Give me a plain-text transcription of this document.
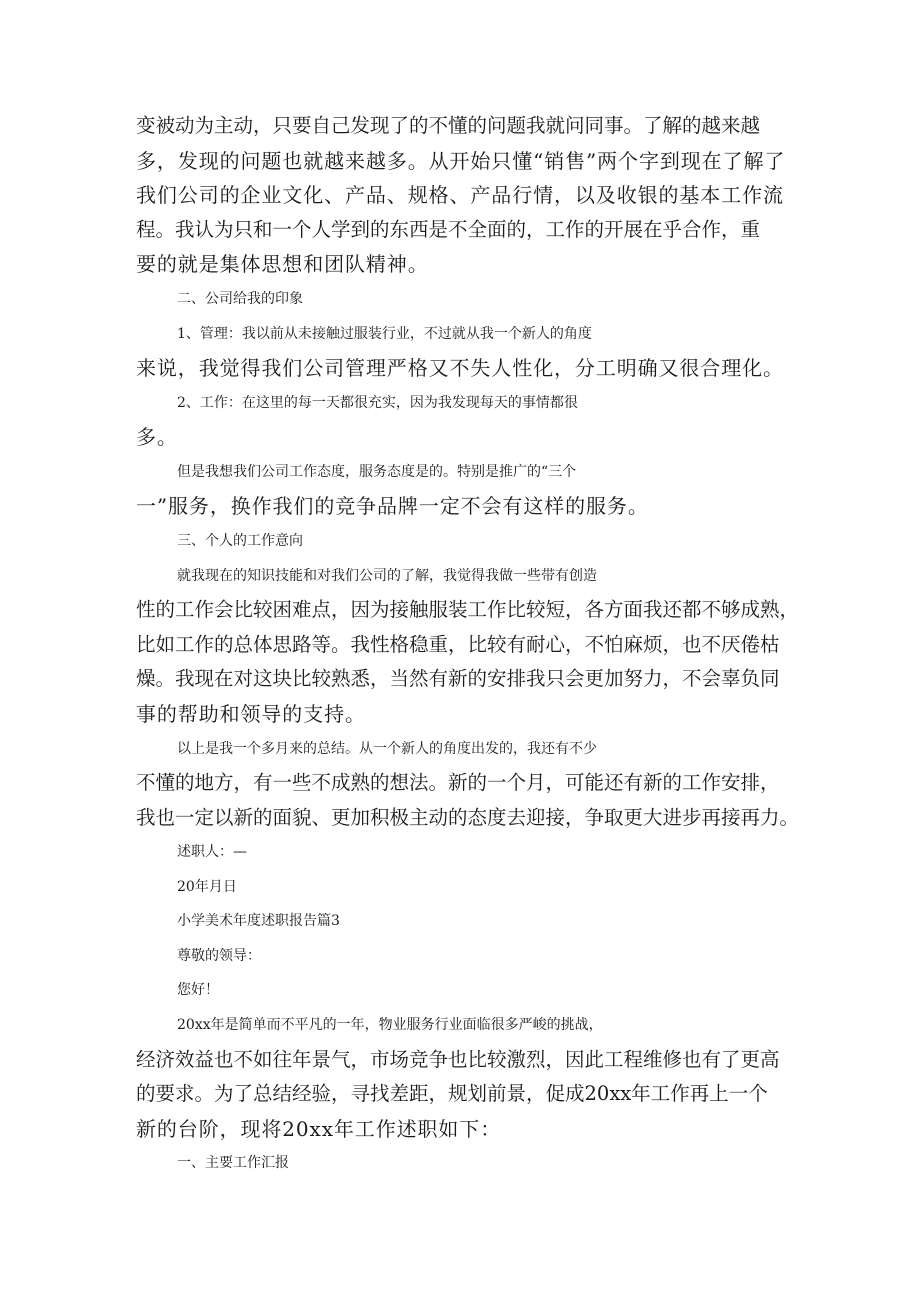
变被动为主动，只要自己发现了的不懂的问题我就问同事。了解的越来越

多，发现的问题也就越来越多。从开始只懂“销售”两个字到现在了解了

我们公司的企业文化、产品、规格、产品行情，以及收银的基本工作流

程。我认为只和一个人学到的东西是不全面的，工作的开展在乎合作，重

要的就是集体思想和团队精神。

二、公司给我的印象

1、管理：我以前从未接触过服装行业，不过就从我一个新人的角度

来说，我觉得我们公司管理严格又不失人性化，分工明确又很合理化。

2、工作：在这里的每一天都很充实，因为我发现每天的事情都很

多。

但是我想我们公司工作态度，服务态度是的。特别是推广的“三个

一”服务，换作我们的竞争品牌一定不会有这样的服务。

三、个人的工作意向

就我现在的知识技能和对我们公司的了解，我觉得我做一些带有创造

性的工作会比较困难点，因为接触服装工作比较短，各方面我还都不够成熟，

比如工作的总体思路等。我性格稳重，比较有耐心，不怕麻烦，也不厌倦枯

燥。我现在对这块比较熟悉，当然有新的安排我只会更加努力，不会辜负同

事的帮助和领导的支持。

以上是我一个多月来的总结。从一个新人的角度出发的，我还有不少

不懂的地方，有一些不成熟的想法。新的一个月，可能还有新的工作安排，

我也一定以新的面貌、更加积极主动的态度去迎接，争取更大进步再接再力。

述职人：—

20年月日

小学美术年度述职报告篇3

尊敬的领导：

您好！

20xx年是简单而不平凡的一年，物业服务行业面临很多严峻的挑战，

经济效益也不如往年景气，市场竞争也比较激烈，因此工程维修也有了更高

的要求。为了总结经验，寻找差距，规划前景，促成20xx年工作再上一个

新的台阶，现将20xx年工作述职如下：

一、主要工作汇报
